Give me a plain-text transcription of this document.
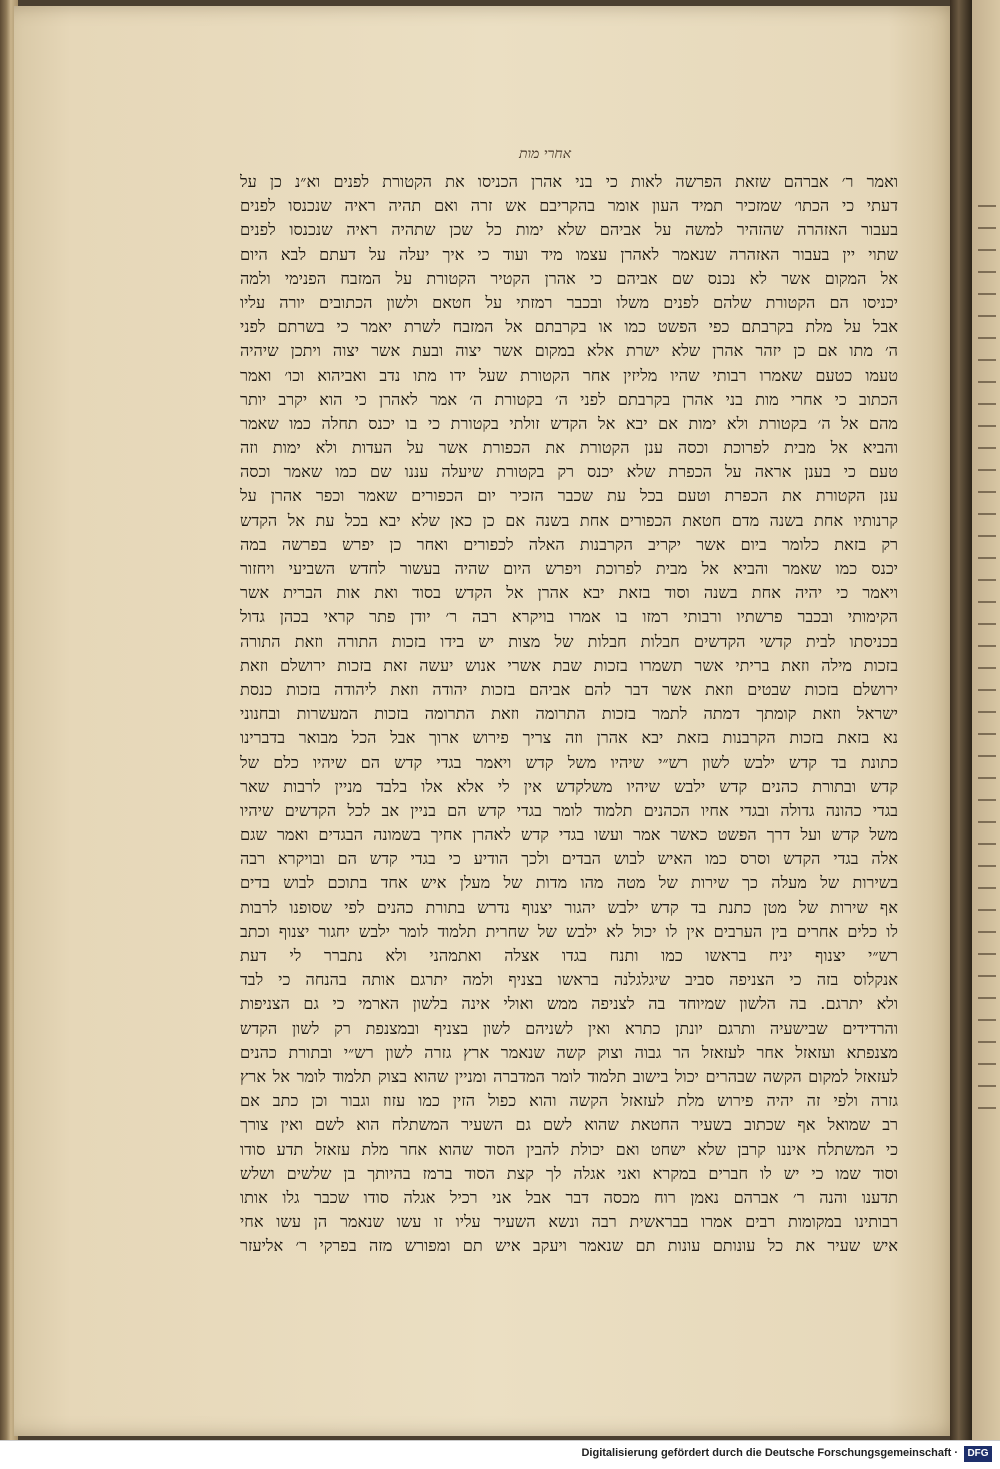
אחרי מות
ואמר ר׳ אברהם שזאת הפרשה לאות כי בני אהרן הכניסו את הקטורת לפנים וא״נ כן על
דעתי כי הכתו׳ שמזכיר תמיד העון אומר בהקריבם אש זרה ואם תהיה ראיה שנכנסו לפנים
בעבור האזהרה שהזהיר למשה על אביהם שלא ימות כל שכן שתהיה ראיה שנכנסו לפנים
שתוי יין בעבור האזהרה שנאמר לאהרן עצמו מיד ועוד כי איך יעלה על דעתם לבא היום
אל המקום אשר לא נכנס שם אביהם כי אהרן הקטיר הקטורת על המזבח הפנימי ולמה
יכניסו הם הקטורת שלהם לפנים משלו ובכבר רמזתי על חטאם ולשון הכתובים יורה עליו
אבל על מלת בקרבתם כפי הפשט כמו או בקרבתם אל המזבח לשרת יאמר כי בשרתם לפני
ה׳ מתו אם כן יזהר אהרן שלא ישרת אלא במקום אשר יצוה ובעת אשר יצוה ויתכן שיהיה
טעמו כטעם שאמרו רבותי שהיו מליזין אחר הקטורת שעל ידו מתו נדב ואביהוא וכו׳ ואמר
הכתוב כי אחרי מות בני אהרן בקרבתם לפני ה׳ בקטורת ה׳ אמר לאהרן כי הוא יקרב יותר
מהם אל ה׳ בקטורת ולא ימות אם יבא אל הקדש זולתי בקטורת כי בו יכנס תחלה כמו שאמר
והביא אל מבית לפרוכת וכסה ענן הקטורת את הכפורת אשר על העדות ולא ימות וזה
טעם כי בענן אראה על הכפרת שלא יכנס רק בקטורת שיעלה עננו שם כמו שאמר וכסה
ענן הקטורת את הכפרת וטעם בכל עת שכבר הזכיר יום הכפורים שאמר וכפר אהרן על
קרנותיו אחת בשנה מדם חטאת הכפורים אחת בשנה אם כן כאן שלא יבא בכל עת אל הקדש
רק בזאת כלומר ביום אשר יקריב הקרבנות האלה לכפורים ואחר כן יפרש בפרשה במה
יכנס כמו שאמר והביא אל מבית לפרוכת ויפרש היום שהיה בעשור לחדש השביעי ויחזור
ויאמר כי יהיה אחת בשנה וסוד בזאת יבא אהרן אל הקדש בסוד ואת אות הברית אשר
הקימותי ובכבר פרשתיו ורבותי רמזו בו אמרו בויקרא רבה ר׳ יודן פתר קראי בכהן גדול
בכניסתו לבית קדשי הקדשים חבלות חבלות של מצות יש בידו בזכות התורה וזאת התורה
בזכות מילה וזאת בריתי אשר תשמרו בזכות שבת אשרי אנוש יעשה זאת בזכות ירושלם וזאת
ירושלם בזכות שבטים וזאת אשר דבר להם אביהם בזכות יהודה וזאת ליהודה בזכות כנסת
ישראל וזאת קומתך דמתה לתמר בזכות התרומה וזאת התרומה בזכות המעשרות ובחנוני
נא בזאת בזכות הקרבנות בזאת יבא אהרן וזה צריך פירוש ארוך אבל הכל מבואר בדברינו
כתונת בד קדש ילבש לשון רש״י שיהיו משל קדש ויאמר בגדי קדש הם שיהיו כלם של
קדש ובתורת כהנים קדש ילבש שיהיו משלקדש אין לי אלא אלו בלבד מניין לרבות שאר
בגדי כהונה גדולה ובגדי אחיו הכהנים תלמוד לומר בגדי קדש הם בניין אב לכל הקדשים שיהיו
משל קדש ועל דרך הפשט כאשר אמר ועשו בגדי קדש לאהרן אחיך בשמונה הבגדים ואמר שגם
אלה בגדי הקדש וסרס כמו האיש לבוש הבדים ולכך הודיע כי בגדי קדש הם ובויקרא רבה
בשירות של מעלה כך שירות של מטה מהו מדות של מעלן איש אחד בתוכם לבוש בדים
אף שירות של מטן כתנת בד קדש ילבש יהגור יצנוף נדרש בתורת כהנים לפי שסופנו לרבות
לו כלים אחרים בין הערבים אין לו יכול לא ילבש של שחרית תלמוד לומר ילבש יחגור יצנוף וכתב
רש״י יצנוף יניח בראשו כמו ותנח בגדו אצלה ואתמהני ולא נתברר לי דעת
אנקלוס בזה כי הצניפה סביב שיגלגלנה בראשו בצניף ולמה יתרגם אותה בהנחה כי לבד
ולא יתרגם. בה הלשון שמיוחד בה לצניפה ממש ואולי אינה בלשון הארמי כי גם הצניפות
והרדידים שבישעיה ותרגם יונתן כתרא ואין לשניהם לשון בצניף ובמצנפת רק לשון הקדש
מצנפתא ועזאזל אחר לעזאזל הר גבוה וצוק קשה שנאמר ארץ גזרה לשון רש״י ובתורת כהנים
לעזאזל למקום הקשה שבהרים יכול בישוב תלמוד לומר המדברה ומניין שהוא בצוק תלמוד לומר אל ארץ
גזרה ולפי זה יהיה פירוש מלת לעזאזל הקשה והוא כפול הזין כמו עזוז וגבור וכן כתב אם
רב שמואל אף שכתוב בשעיר החטאת שהוא לשם גם השעיר המשתלח הוא לשם ואין צורך
כי המשתלח איננו קרבן שלא ישחט ואם יכולת להבין הסוד שהוא אחר מלת עזאזל תדע סודו
וסוד שמו כי יש לו חברים במקרא ואני אגלה לך קצת הסוד ברמז בהיותך בן שלשים ושלש
תדענו והנה ר׳ אברהם נאמן רוח מכסה דבר אבל אני רכיל אגלה סודו שכבר גלו אותו
רבותינו במקומות רבים אמרו בבראשית רבה ונשא השעיר עליו זו עשו שנאמר הן עשו אחי
איש שעיר את כל עונותם עונות תם שנאמר ויעקב איש תם ומפורש מזה בפרקי ר׳ אליעזר
Digitalisierung gefördert durch die Deutsche Forschungsgemeinschaft · DFG
